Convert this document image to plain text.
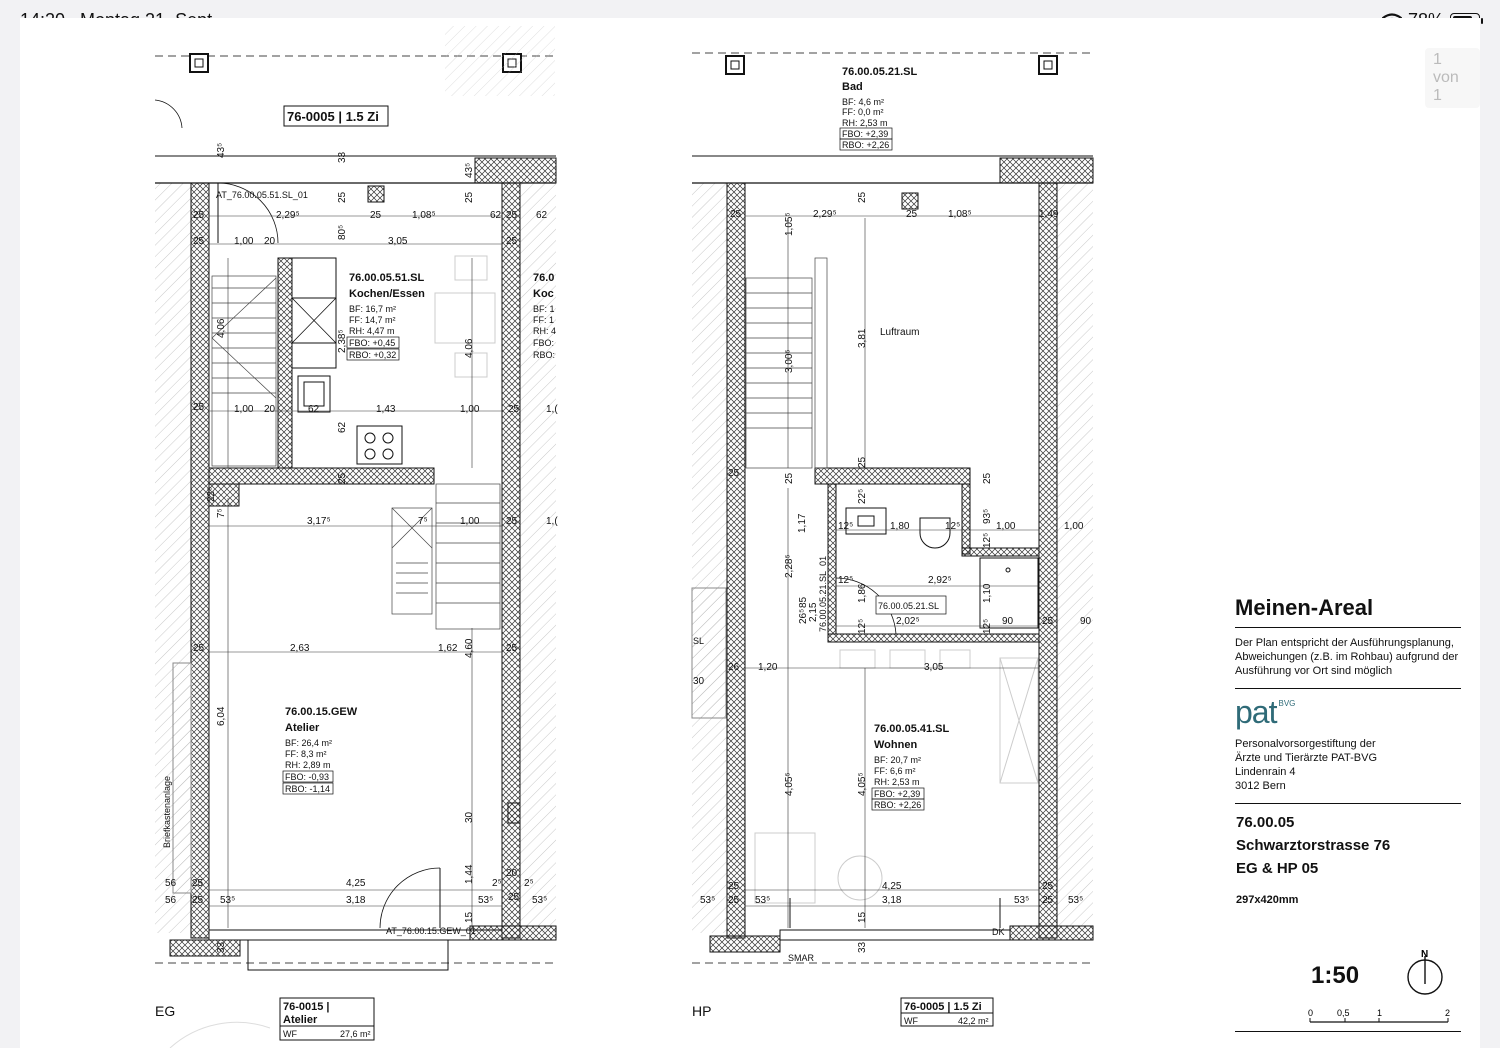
1 von 1
76-0005 | 1.5 Zi
Briefkastenanlage
AT_76.00.05.51.SL_01
AT_76.00.15.GEW_01
2,29⁵	25	1,08⁵	62	62
25
25	1,00 20	3,05	25
25
43⁵	33
25
43⁵
25
80⁵
4,06
2,38⁵	4,06
25	1,00 20	62	1,43	1,00	25	1,(
62
25
22⁵
7⁵
3,17⁵	7⁵	1,00	25	1,(
25	2,63	1,62	25
4,60
6,04
30
1,44	20
56 25	4,25	2⁵ 2⁵
56 25 53⁵	3,18	53⁵ 25 53⁵
15
33
76.00.05.51.SL
Kochen/Essen
BF: 16,7 m²
FF: 14,7 m²
RH: 4,47 m
FBO: +0,45
RBO: +0,32
76.0
Koc
BF: 1
FF: 1
RH: 4
FBO:
RBO:
76.00.15.GEW
Atelier
BF: 26,4 m²
FF: 8,3 m²
RH: 2,89 m
FBO: -0,93
RBO: -1,14
EG	76-0015 |
Atelier
WF	27,6 m²
76.00.05.21.SL
Bad
BF: 4,6 m²
FF: 0,0 m²
RH: 2,53 m
FBO: +2,39
RBO: +2,26
76.00.05.21.SL
76.00.05.21.SL_01
SL
SMAR
DK
25	2,29⁵	25	1,08⁵	1,49
25
1,05⁵
Luftraum
3,81
3,00⁵
25	25
25
25
22⁵
12⁵	1,80	12⁵
93⁵
1,00	1,00
1,17
12⁵
2,28⁵
12⁵	2,92⁵
1,10
85
2,15
26⁵
1,86
2,02⁵	90	90
25
12⁵	12⁵
26 1,20	3,05
30
76.00.05.41.SL
Wohnen
BF: 20,7 m²
FF: 6,6 m²
RH: 2,53 m
FBO: +2,39
RBO: +2,26
4,05⁵	4,05⁵
25	4,25	25
53⁵ 25 53⁵	3,18	53⁵ 25 53⁵
15
33
HP	76-0005 | 1.5 Zi
WF	42,2 m²

Meinen-Areal

Der Plan entspricht der Ausführungsplanung, Abweichungen (z.B. im Rohbau) aufgrund der Ausführung vor Ort sind möglich

pat BVG
Personalvorsorgestiftung der
Ärzte und Tierärzte PAT-BVG
Lindenrain 4
3012 Bern
76.00.05
Schwarztorstrasse 76
EG & HP 05
297x420mm
1:50
N
0	0,5	1	2
